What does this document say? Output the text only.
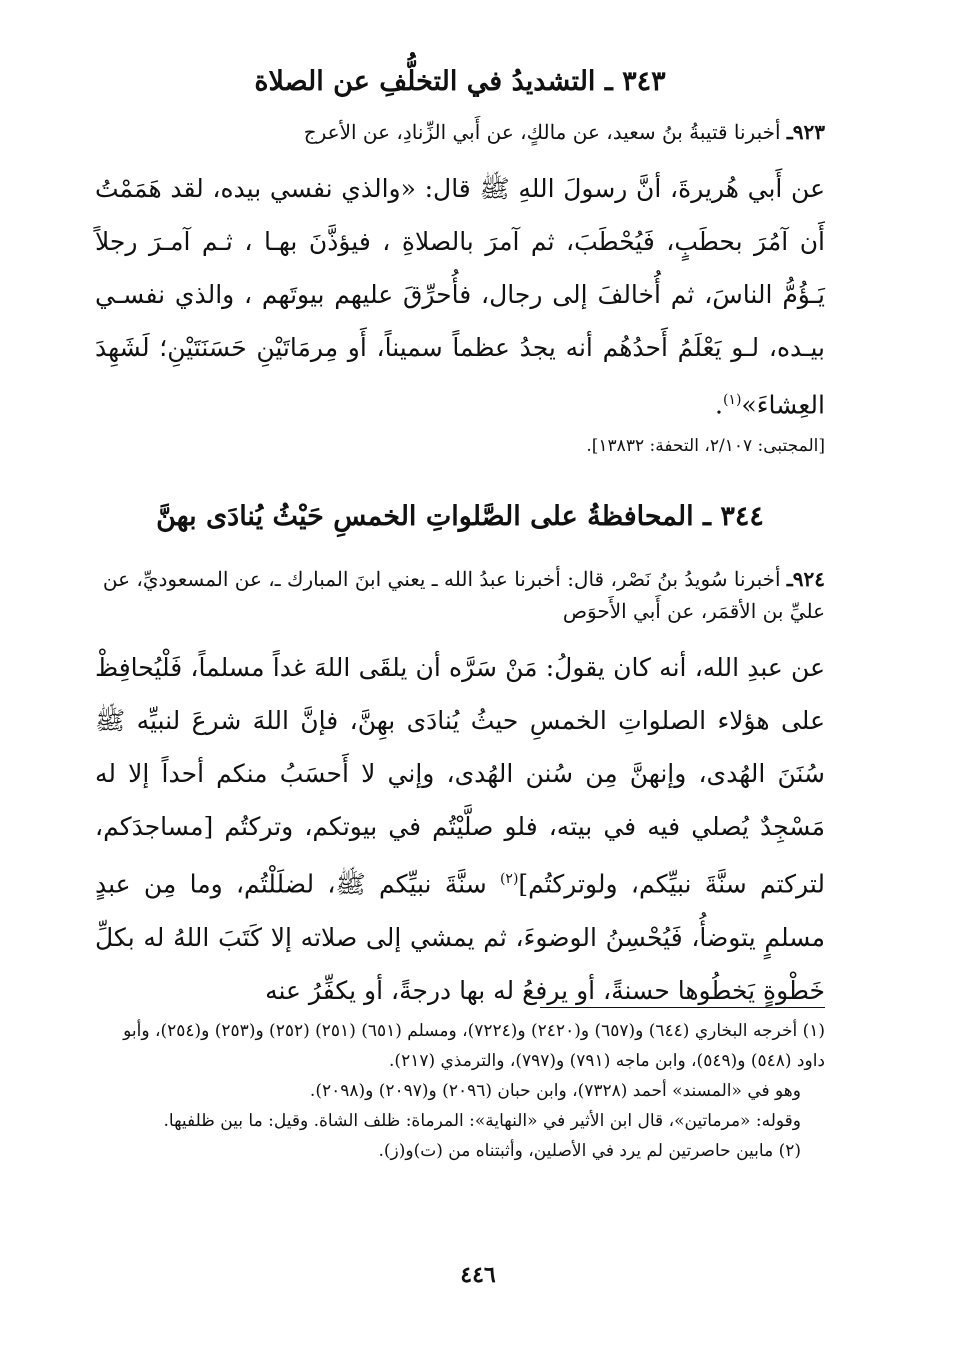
٣٤٣ ـ التشديدُ في التخلُّفِ عن الصلاة

٩٢٣ـ أخبرنا قتيبةُ بنُ سعيد، عن مالكٍ، عن أَبي الزِّنادِ، عن الأعرج

عن أَبي هُريرةَ، أنَّ رسولَ اللهِ ﷺ قال: «والذي نفسي بيده، لقد هَمَمْتُ أَن آمُرَ بحطَبٍ، فَيُحْطَبَ، ثم آمرَ بالصلاةِ ، فيؤذَّنَ بهـا ، ثـم آمـرَ رجلاً يَـؤُمُّ الناسَ، ثم أُخالفَ إلى رجال، فأُحرِّقَ عليهم بيوتَهم ، والذي نفسـي بيـده، لـو يَعْلَمُ أَحدُهُم أنه يجدُ عظماً سميناً، أَو مِرمَاتَيْنِ حَسَنَتَيْنِ؛ لَشَهِدَ العِشاءَ»$^{(١)}$.

[المجتبى: ٢/١٠٧، التحفة: ١٣٨٣٢].

٣٤٤ ـ المحافظةُ على الصَّلواتِ الخمسِ حَيْثُ يُنادَى بهنَّ

٩٢٤ـ أخبرنا سُويدُ بنُ نَصْر، قال: أخبرنا عبدُ الله ـ يعني ابنَ المبارك ـ، عن المسعوديِّ، عن عليِّ بن الأقمَر، عن أَبي الأَحوَص

عن عبدِ الله، أنه كان يقولُ: مَنْ سَرَّه أن يلقَى اللهَ غداً مسلماً، فَلْيُحافِظْ على هؤلاء الصلواتِ الخمسِ حيثُ يُنادَى بهِنَّ، فإنَّ اللهَ شرعَ لنبيِّه ﷺ سُنَنَ الهُدى، وإنهنَّ مِن سُنن الهُدى، وإني لا أَحسَبُ منكم أحداً إلا له مَسْجِدٌ يُصلي فيه في بيته، فلو صلَّيْتُم في بيوتكم، وتركتُم [مساجدَكم، لتركتم سنَّةَ نبيِّكم، ولوتركتُم]$^{(٢)}$ سنَّةَ نبيِّكم ﷺ، لضلَلْتُم، وما مِن عبدٍ مسلمٍ يتوضأُ، فَيُحْسِنُ الوضوءَ، ثم يمشي إلى صلاته إلا كَتَبَ اللهُ له بكلِّ خَطْوةٍ يَخطُوها حسنةً، أو يرفعُ له بها درجةً، أو يكفِّرُ عنه

(١) أخرجه البخاري (٦٤٤) و(٦٥٧) و(٢٤٢٠) و(٧٢٢٤)، ومسلم (٦٥١) (٢٥١) (٢٥٢) و(٢٥٣) و(٢٥٤)، وأبو داود (٥٤٨) و(٥٤٩)، وابن ماجه (٧٩١) و(٧٩٧)، والترمذي (٢١٧).

وهو في «المسند» أحمد (٧٣٢٨)، وابن حبان (٢٠٩٦) و(٢٠٩٧) و(٢٠٩٨).

وقوله: «مرماتين»، قال ابن الأثير في «النهاية»: المرماة: ظلف الشاة. وقيل: ما بين ظلفيها.

(٢) مابين حاصرتين لم يرد في الأصلين، وأثبتناه من (ت)و(ز).

٤٤٦
